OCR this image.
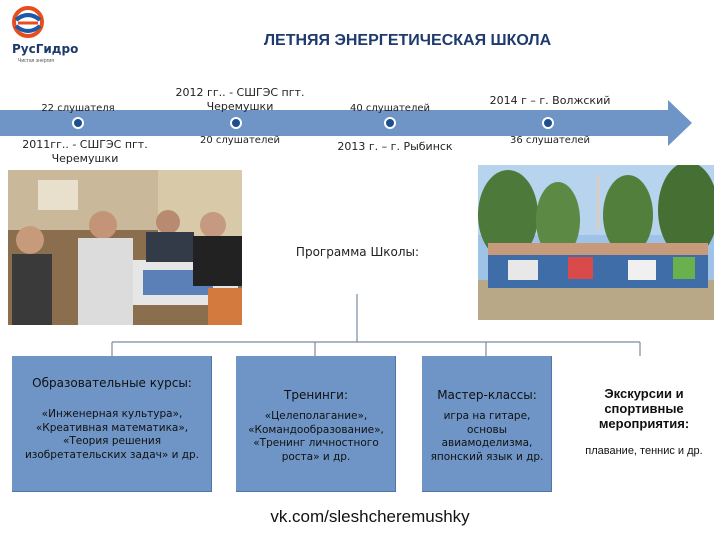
РусГидро
Чистая энергия
ЛЕТНЯЯ ЭНЕРГЕТИЧЕСКАЯ ШКОЛА
22 слушателя
2011гг.. - СШГЭС пгт. Черемушки
2012 гг.. - СШГЭС пгт. Черемушки
20 слушателей
40 слушателей
2013 г. – г. Рыбинск
2014 г – г. Волжский
36 слушателей
Программа Школы:
Образовательные курсы:
«Инженерная культура», «Креативная математика», «Теория решения изобретательских задач» и др.
Тренинги:
«Целеполагание», «Командообразование», «Тренинг личностного роста» и др.
Мастер-классы:
игра на гитаре, основы авиамоделизма, японский язык и др.
Экскурсии и спортивные мероприятия:
плавание, теннис и др.
vk.com/sleshcheremushky
